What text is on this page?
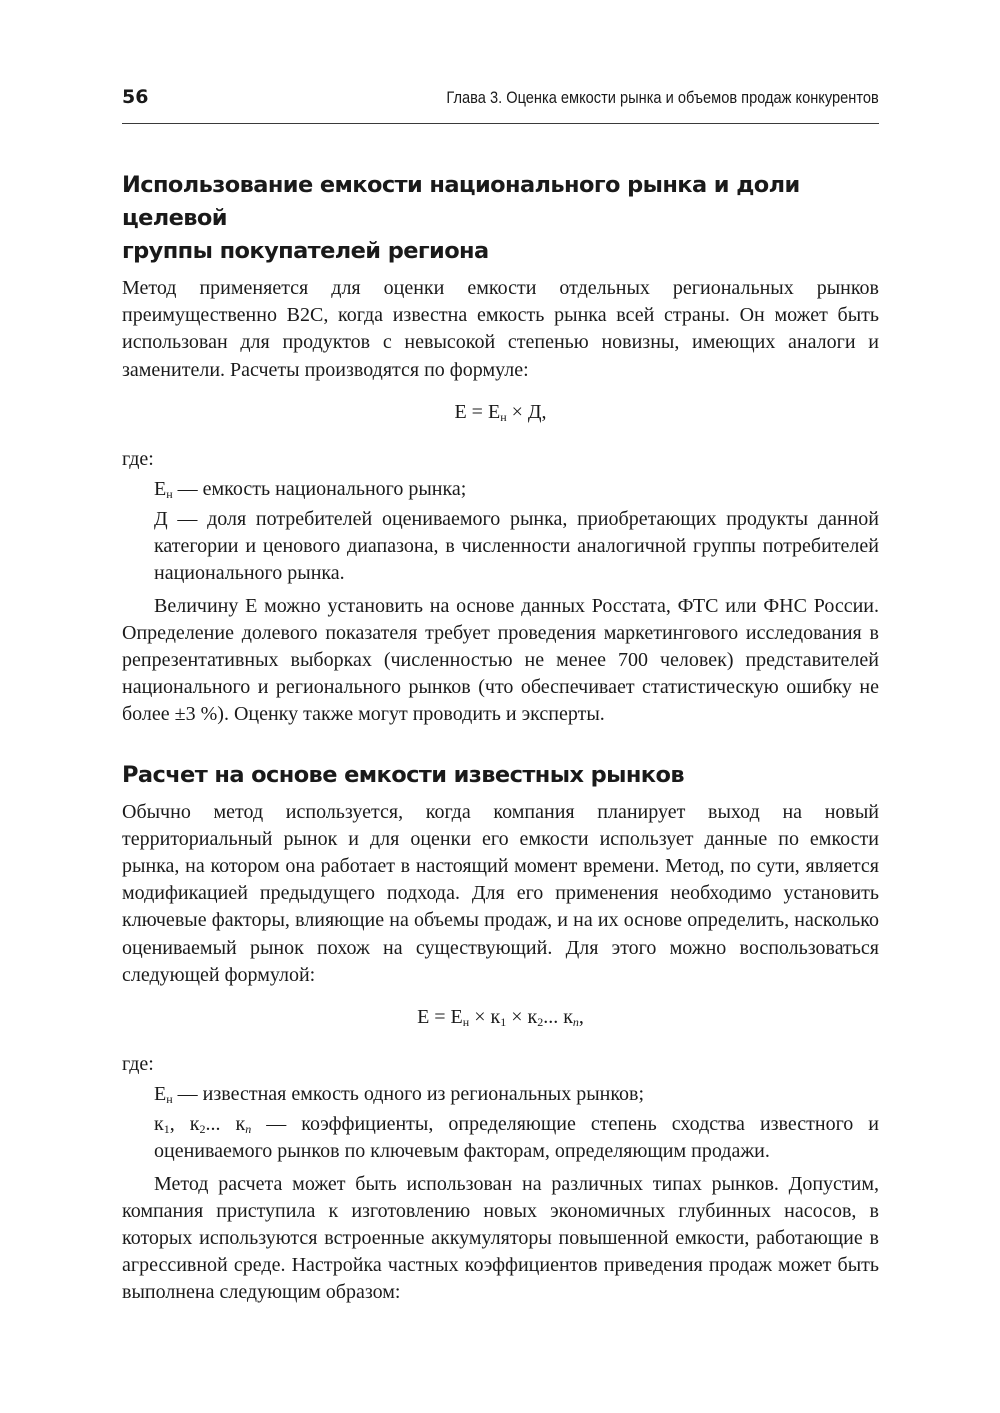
56	Глава 3. Оценка емкости рынка и объемов продаж конкурентов
Использование емкости национального рынка и доли целевой
группы покупателей региона

Метод применяется для оценки емкости отдельных региональных рынков преимущественно B2C, когда известна емкость рынка всей страны. Он может быть использован для продуктов с невысокой степенью новизны, имеющих аналоги и заменители. Расчеты производятся по формуле:

$E = E_н \times Д$,
где:
$E_н$ — емкость национального рынка;
Д — доля потребителей оцениваемого рынка, приобретающих продукты данной категории и ценового диапазона, в численности аналогичной группы потребителей национального рынка.

Величину E можно установить на основе данных Росстата, ФТС или ФНС России. Определение долевого показателя требует проведения маркетингового исследования в репрезентативных выборках (численностью не менее 700 человек) представителей национального и регионального рынков (что обеспечивает статистическую ошибку не более ±3 %). Оценку также могут проводить и эксперты.

Расчет на основе емкости известных рынков

Обычно метод используется, когда компания планирует выход на новый территориальный рынок и для оценки его емкости использует данные по емкости рынка, на котором она работает в настоящий момент времени. Метод, по сути, является модификацией предыдущего подхода. Для его применения необходимо установить ключевые факторы, влияющие на объемы продаж, и на их основе определить, насколько оцениваемый рынок похож на существующий. Для этого можно воспользоваться следующей формулой:

$E = E_н \times к_1 \times к_2$... $к_n$,
где:
$E_н$ — известная емкость одного из региональных рынков;
$к_1$, $к_2$... $к_n$ — коэффициенты, определяющие степень сходства известного и оцениваемого рынков по ключевым факторам, определяющим продажи.

Метод расчета может быть использован на различных типах рынков. Допустим, компания приступила к изготовлению новых экономичных глубинных насосов, в которых используются встроенные аккумуляторы повышенной емкости, работающие в агрессивной среде. Настройка частных коэффициентов приведения продаж может быть выполнена следующим образом:
